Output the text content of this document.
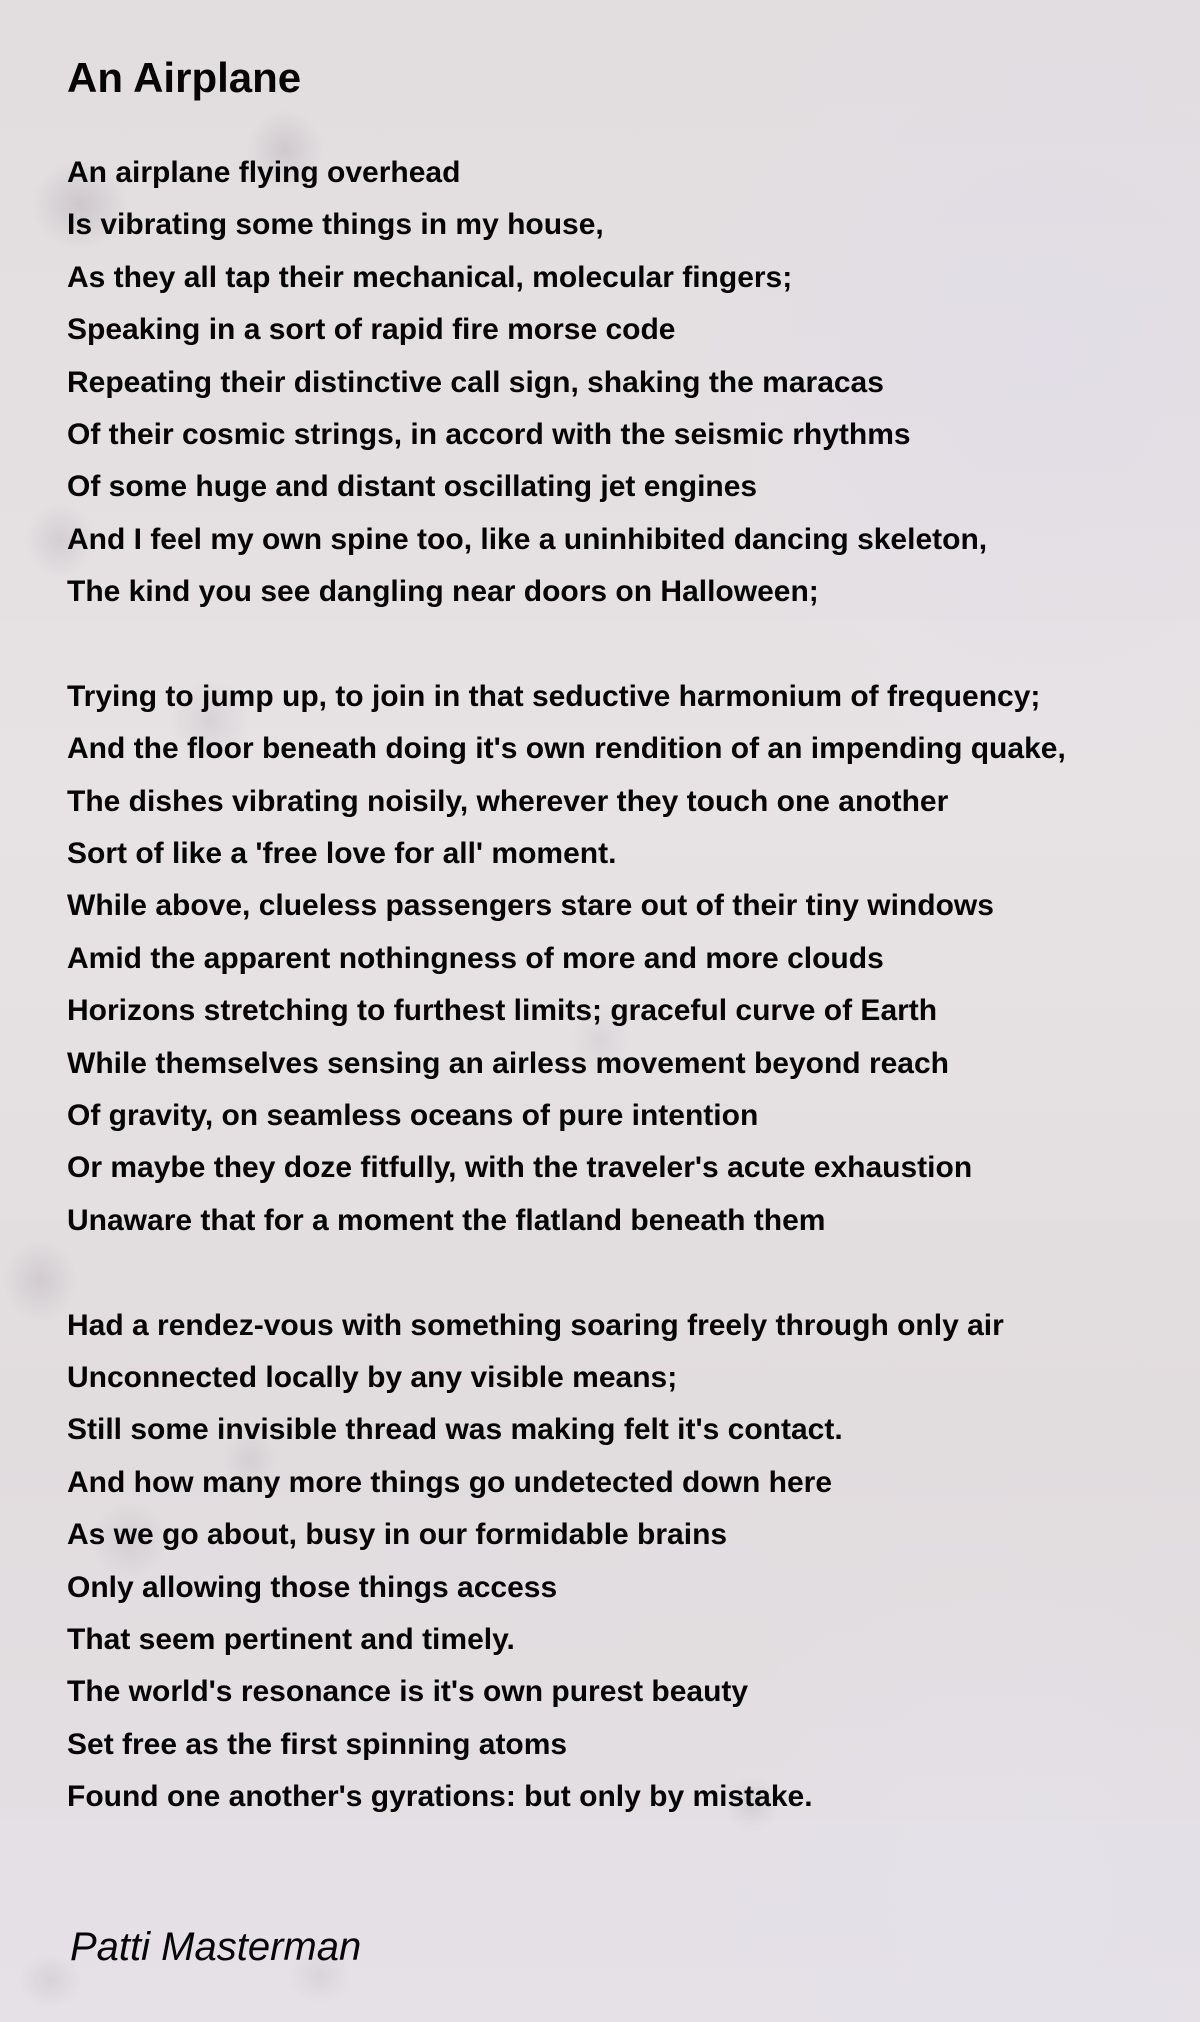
An Airplane

An airplane flying overhead
Is vibrating some things in my house,
As they all tap their mechanical, molecular fingers;
Speaking in a sort of rapid fire morse code
Repeating their distinctive call sign, shaking the maracas
Of their cosmic strings, in accord with the seismic rhythms
Of some huge and distant oscillating jet engines
And I feel my own spine too, like a uninhibited dancing skeleton,
The kind you see dangling near doors on Halloween;

Trying to jump up, to join in that seductive harmonium of frequency;
And the floor beneath doing it's own rendition of an impending quake,
The dishes vibrating noisily, wherever they touch one another
Sort of like a 'free love for all' moment.
While above, clueless passengers stare out of their tiny windows
Amid the apparent nothingness of more and more clouds
Horizons stretching to furthest limits; graceful curve of Earth
While themselves sensing an airless movement beyond reach
Of gravity, on seamless oceans of pure intention
Or maybe they doze fitfully, with the traveler's acute exhaustion
Unaware that for a moment the flatland beneath them

Had a rendez-vous with something soaring freely through only air
Unconnected locally by any visible means;
Still some invisible thread was making felt it's contact.
And how many more things go undetected down here
As we go about, busy in our formidable brains
Only allowing those things access
That seem pertinent and timely.
The world's resonance is it's own purest beauty
Set free as the first spinning atoms
Found one another's gyrations: but only by mistake.

Patti Masterman
